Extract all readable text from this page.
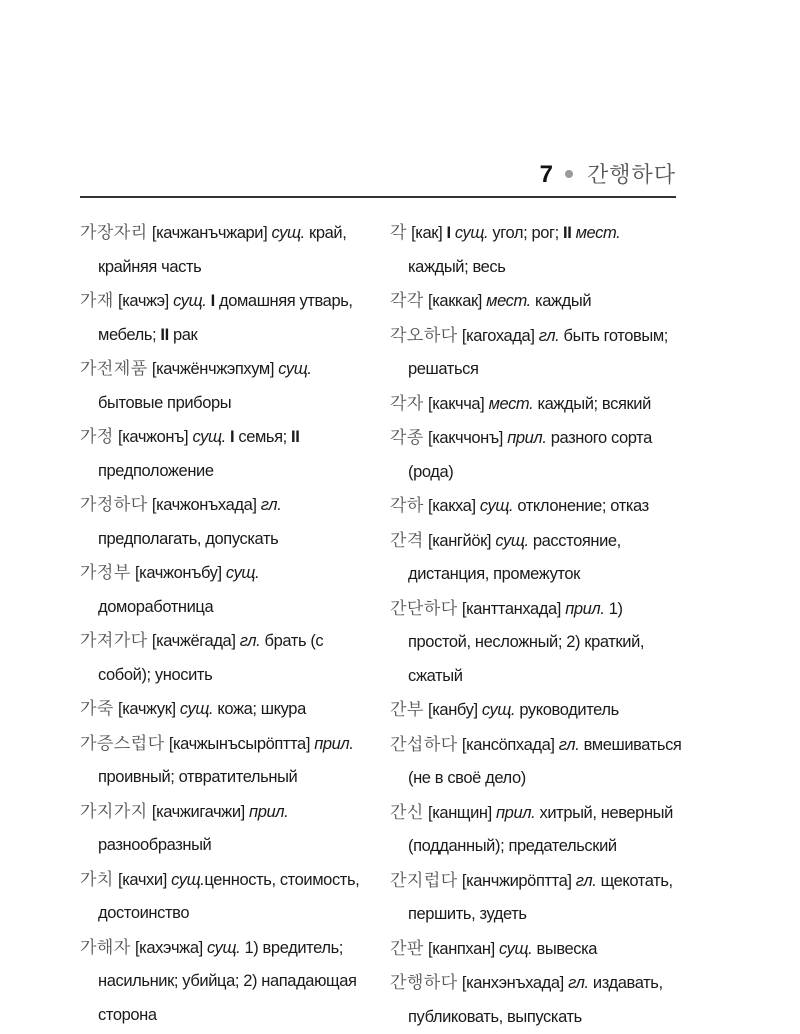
7 간행하다

가장자리 [качжанъчжари] сущ. край, крайняя часть

가재 [качжэ] сущ. I домашняя утварь, мебель; II рак

가전제품 [качжёнчжэпхум] сущ. бытовые приборы

가정 [качжонъ] сущ. I семья; II предположение

가정하다 [качжонъхада] гл. предполагать, допускать

가정부 [качжонъбу] сущ. домоработница

가져가다 [качжёгада] гл. брать (с собой); уносить

가죽 [качжук] сущ. кожа; шкура

가증스럽다 [качжынъсырöптта] прил. проивный; отвратительный

가지가지 [качжигачжи] прил. разнообразный

가치 [качхи] сущ.ценность, стоимость, достоинство

가해자 [кахэчжа] сущ. 1) вредитель; насильник; убийца; 2) нападающая сторона

각 [как] I сущ. угол; рог; II мест. каждый; весь

각각 [каккак] мест. каждый

각오하다 [кагохада] гл. быть готовым; решаться

각자 [какчча] мест. каждый; всякий

각종 [какччонъ] прил. разного сорта (рода)

각하 [какха] сущ. отклонение; отказ

간격 [кангйöк] сущ. расстояние, дистанция, промежуток

간단하다 [канттанхада] прил. 1) простой, несложный; 2) краткий, сжатый

간부 [канбу] сущ. руководитель

간섭하다 [кансöпхада] гл. вмешиваться (не в своё дело)

간신 [канщин] прил. хитрый, неверный (подданный); предательский

간지럽다 [канчжирöптта] гл. щекотать, першить, зудеть

간판 [канпхан] сущ. вывеска

간행하다 [канхэнъхада] гл. издавать, публиковать, выпускать
